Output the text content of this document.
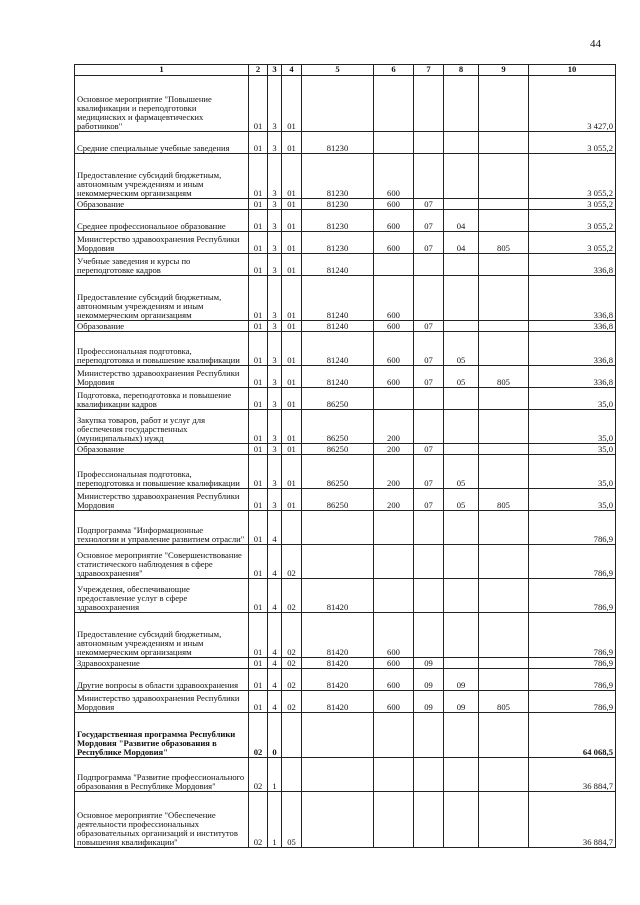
44
1	2	3	4	5	6	7	8	9	10
Основное мероприятие "Повышение квалификации и переподготовки медицинских и фармацевтических работников"	01	3	01						3 427,0
Средние специальные учебные заведения	01	3	01	81230					3 055,2
Предоставление субсидий бюджетным, автономным учреждениям и иным некоммерческим организациям	01	3	01	81230	600				3 055,2
Образование	01	3	01	81230	600	07			3 055,2
Среднее профессиональное образование	01	3	01	81230	600	07	04		3 055,2
Министерство здравоохранения Республики Мордовия	01	3	01	81230	600	07	04	805	3 055,2
Учебные заведения и курсы по переподготовке кадров	01	3	01	81240					336,8
Предоставление субсидий бюджетным, автономным учреждениям и иным некоммерческим организациям	01	3	01	81240	600				336,8
Образование	01	3	01	81240	600	07			336,8
Профессиональная подготовка, переподготовка и повышение квалификации	01	3	01	81240	600	07	05		336,8
Министерство здравоохранения Республики Мордовия	01	3	01	81240	600	07	05	805	336,8
Подготовка, переподготовка и повышение квалификации кадров	01	3	01	86250					35,0
Закупка товаров, работ и услуг для обеспечения государственных (муниципальных) нужд	01	3	01	86250	200				35,0
Образование	01	3	01	86250	200	07			35,0
Профессиональная подготовка, переподготовка и повышение квалификации	01	3	01	86250	200	07	05		35,0
Министерство здравоохранения Республики Мордовия	01	3	01	86250	200	07	05	805	35,0
Подпрограмма "Информационные технологии и управление развитием отрасли"	01	4							786,9
Основное мероприятие "Совершенствование статистического наблюдения в сфере здравоохранения"	01	4	02						786,9
Учреждения, обеспечивающие предоставление услуг в сфере здравоохранения	01	4	02	81420					786,9
Предоставление субсидий бюджетным, автономным учреждениям и иным некоммерческим организациям	01	4	02	81420	600				786,9
Здравоохранение	01	4	02	81420	600	09			786,9
Другие вопросы в области здравоохранения	01	4	02	81420	600	09	09		786,9
Министерство здравоохранения Республики Мордовия	01	4	02	81420	600	09	09	805	786,9
Государственная программа Республики Мордовия "Развитие образования в Республике Мордовия"	02	0							64 068,5
Подпрограмма "Развитие профессионального образования в Республике Мордовия"	02	1							36 884,7
Основное мероприятие "Обеспечение деятельности профессиональных образовательных организаций и институтов повышения квалификации"	02	1	05						36 884,7
